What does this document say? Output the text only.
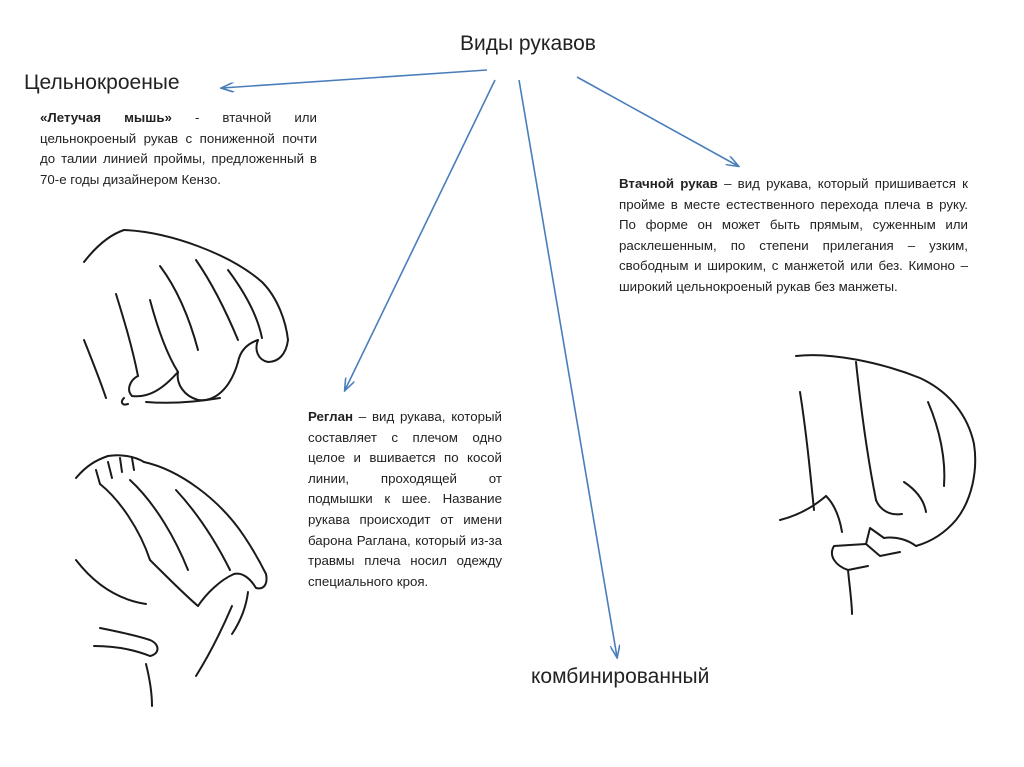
Виды рукавов
Цельнокроеные
комбинированный
«Летучая мышь» - втачной или цельнокроеный рукав с пониженной почти до талии линией проймы, предложенный в 70-е годы дизайнером Кензо.	Втачной рукав – вид рукава, который пришивается к пройме в месте естественного перехода плеча в руку. По форме он может быть прямым, суженным или расклешенным, по степени прилегания – узким, свободным и широким, с манжетой или без. Кимоно – широкий цельнокроеный рукав без манжеты.
Реглан – вид рукава, который составляет с плечом одно целое и вшивается по косой линии, проходящей от подмышки к шее. Название рукава происходит от имени барона Раглана, который из-за травмы плеча носил одежду специального кроя.
